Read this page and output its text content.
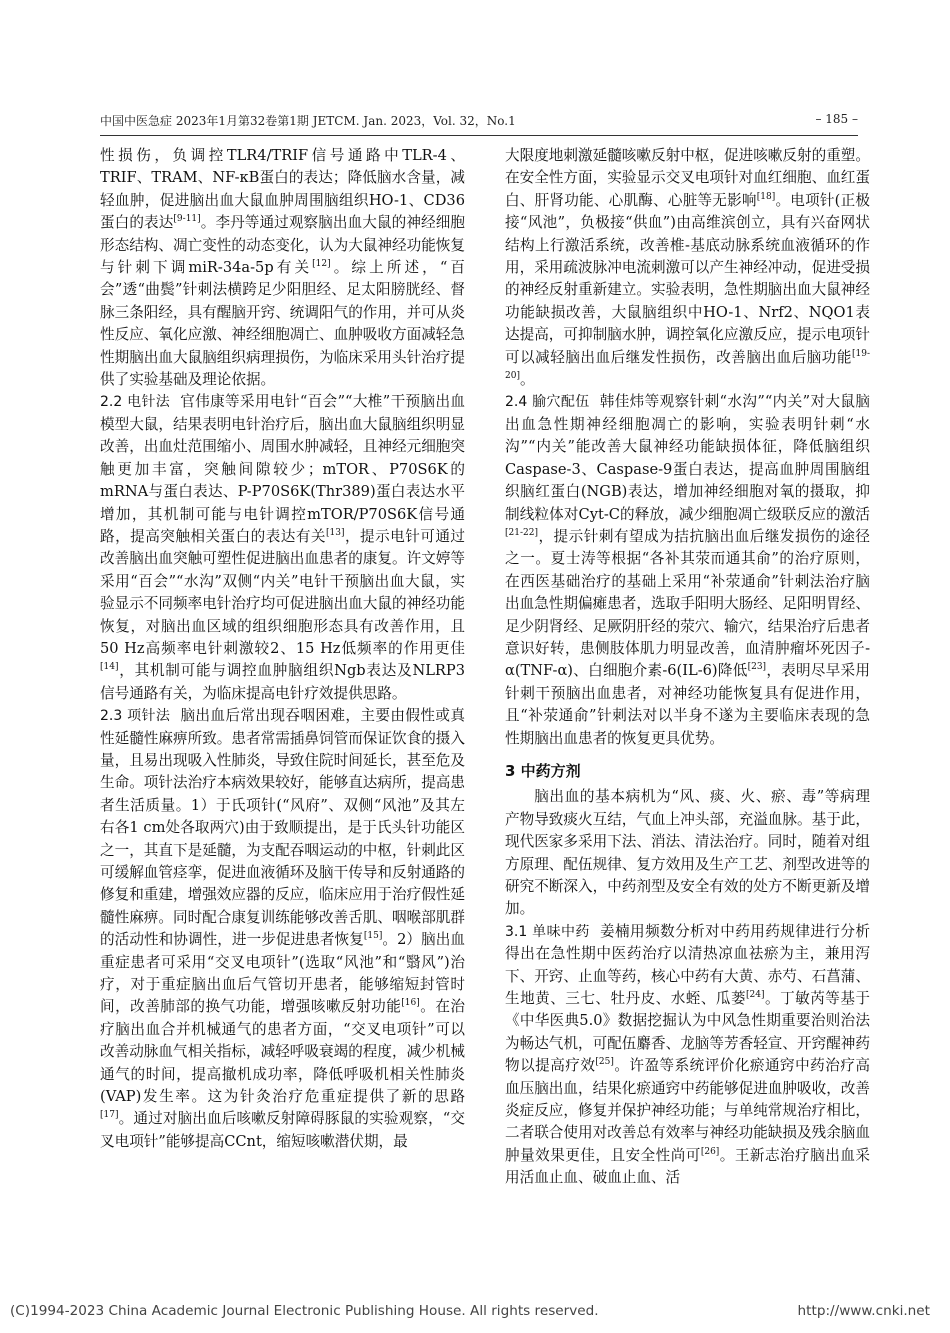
中国中医急症 2023年1月第32卷第1期 JETCM. Jan. 2023，Vol. 32，No.1	– 185 –

性损伤，负调控TLR4/TRIF信号通路中TLR-4、TRIF、TRAM、NF-κB蛋白的表达；降低脑水含量，减轻血肿，促进脑出血大鼠血肿周围脑组织HO-1、CD36蛋白的表达[9-11]。李丹等通过观察脑出血大鼠的神经细胞形态结构、凋亡变性的动态变化，认为大鼠神经功能恢复与针刺下调miR-34a-5p有关[12]。综上所述，“百会”透“曲鬓”针刺法横跨足少阳胆经、足太阳膀胱经、督脉三条阳经，具有醒脑开窍、统调阳气的作用，并可从炎性反应、氧化应激、神经细胞凋亡、血肿吸收方面减轻急性期脑出血大鼠脑组织病理损伤，为临床采用头针治疗提供了实验基础及理论依据。

2.2 电针法 官伟康等采用电针“百会”“大椎”干预脑出血模型大鼠，结果表明电针治疗后，脑出血大鼠脑组织明显改善，出血灶范围缩小、周围水肿减轻，且神经元细胞突触更加丰富，突触间隙较少；mTOR、P70S6K的mRNA与蛋白表达、P-P70S6K(Thr389)蛋白表达水平增加，其机制可能与电针调控mTOR/P70S6K信号通路，提高突触相关蛋白的表达有关[13]，提示电针可通过改善脑出血突触可塑性促进脑出血患者的康复。许文婷等采用“百会”“水沟”双侧“内关”电针干预脑出血大鼠，实验显示不同频率电针治疗均可促进脑出血大鼠的神经功能恢复，对脑出血区域的组织细胞形态具有改善作用，且50 Hz高频率电针刺激较2、15 Hz低频率的作用更佳[14]，其机制可能与调控血肿脑组织Ngb表达及NLRP3信号通路有关，为临床提高电针疗效提供思路。

2.3 项针法 脑出血后常出现吞咽困难，主要由假性或真性延髓性麻痹所致。患者常需插鼻饲管而保证饮食的摄入量，且易出现吸入性肺炎，导致住院时间延长，甚至危及生命。项针法治疗本病效果较好，能够直达病所，提高患者生活质量。1）于氏项针(“风府”、双侧“风池”及其左右各1 cm处各取两穴)由于致顺提出，是于氏头针功能区之一，其直下是延髓，为支配吞咽运动的中枢，针刺此区可缓解血管痉挛，促进血液循环及脑干传导和反射通路的修复和重建，增强效应器的反应，临床应用于治疗假性延髓性麻痹。同时配合康复训练能够改善舌肌、咽喉部肌群的活动性和协调性，进一步促进患者恢复[15]。2）脑出血重症患者可采用“交叉电项针”(选取“风池”和“翳风”)治疗，对于重症脑出血后气管切开患者，能够缩短封管时间，改善肺部的换气功能，增强咳嗽反射功能[16]。在治疗脑出血合并机械通气的患者方面，“交叉电项针”可以改善动脉血气相关指标，减轻呼吸衰竭的程度，减少机械通气的时间，提高撤机成功率，降低呼吸机相关性肺炎(VAP)发生率。这为针灸治疗危重症提供了新的思路[17]。通过对脑出血后咳嗽反射障碍豚鼠的实验观察，“交叉电项针”能够提高CCnt，缩短咳嗽潜伏期，最

大限度地刺激延髓咳嗽反射中枢，促进咳嗽反射的重塑。在安全性方面，实验显示交叉电项针对血红细胞、血红蛋白、肝肾功能、心肌酶、心脏等无影响[18]。电项针(正极接“风池”，负极接“供血”)由高维滨创立，具有兴奋网状结构上行激活系统，改善椎-基底动脉系统血液循环的作用，采用疏波脉冲电流刺激可以产生神经冲动，促进受损的神经反射重新建立。实验表明，急性期脑出血大鼠神经功能缺损改善，大鼠脑组织中HO-1、Nrf2、NQO1表达提高，可抑制脑水肿，调控氧化应激反应，提示电项针可以减轻脑出血后继发性损伤，改善脑出血后脑功能[19-20]。

2.4 腧穴配伍 韩佳炜等观察针刺“水沟”“内关”对大鼠脑出血急性期神经细胞凋亡的影响，实验表明针刺“水沟”“内关”能改善大鼠神经功能缺损体征，降低脑组织Caspase-3、Caspase-9蛋白表达，提高血肿周围脑组织脑红蛋白(NGB)表达，增加神经细胞对氧的摄取，抑制线粒体对Cyt-C的释放，减少细胞凋亡级联反应的激活[21-22]，提示针刺有望成为拮抗脑出血后继发损伤的途径之一。夏士涛等根据“各补其荥而通其俞”的治疗原则，在西医基础治疗的基础上采用“补荥通俞”针刺法治疗脑出血急性期偏瘫患者，选取手阳明大肠经、足阳明胃经、足少阴肾经、足厥阴肝经的荥穴、输穴，结果治疗后患者意识好转，患侧肢体肌力明显改善，血清肿瘤坏死因子-α(TNF-α)、白细胞介素-6(IL-6)降低[23]，表明尽早采用针刺干预脑出血患者，对神经功能恢复具有促进作用，且“补荥通俞”针刺法对以半身不遂为主要临床表现的急性期脑出血患者的恢复更具优势。

3 中药方剂

脑出血的基本病机为“风、痰、火、瘀、毒”等病理产物导致痰火互结，气血上冲头部，充溢血脉。基于此，现代医家多采用下法、消法、清法治疗。同时，随着对组方原理、配伍规律、复方效用及生产工艺、剂型改进等的研究不断深入，中药剂型及安全有效的处方不断更新及增加。

3.1 单味中药 姜楠用频数分析对中药用药规律进行分析得出在急性期中医药治疗以清热凉血祛瘀为主，兼用泻下、开窍、止血等药，核心中药有大黄、赤芍、石菖蒲、生地黄、三七、牡丹皮、水蛭、瓜蒌[24]。丁敏芮等基于《中华医典5.0》数据挖掘认为中风急性期重要治则治法为畅达气机，可配伍麝香、龙脑等芳香轻宣、开窍醒神药物以提高疗效[25]。许盈等系统评价化瘀通窍中药治疗高血压脑出血，结果化瘀通窍中药能够促进血肿吸收，改善炎症反应，修复并保护神经功能；与单纯常规治疗相比，二者联合使用对改善总有效率与神经功能缺损及残余脑血肿量效果更佳，且安全性尚可[26]。王新志治疗脑出血采用活血止血、破血止血、活

(C)1994-2023 China Academic Journal Electronic Publishing House. All rights reserved.	http://www.cnki.net
